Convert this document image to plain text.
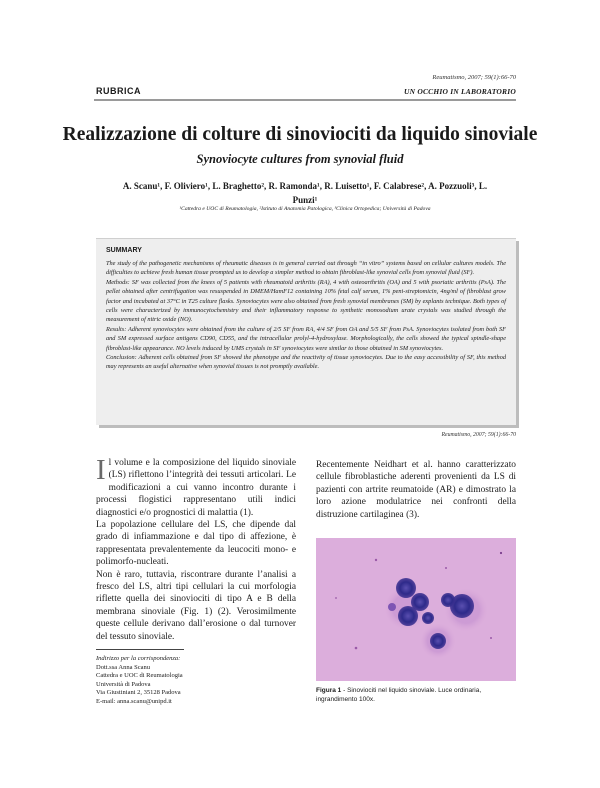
Reumatismo, 2007; 59(1):66-70
RUBRICA	UN OCCHIO IN LABORATORIO
Realizzazione di colture di sinoviociti da liquido sinoviale
Synoviocyte cultures from synovial fluid
A. Scanu¹, F. Oliviero¹, L. Braghetto², R. Ramonda¹, R. Luisetto¹, F. Calabrese², A. Pozzuoli³, L. Punzi¹
¹Cattedra e UOC di Reumatologia, ²Istituto di Anatomia Patologica, ³Clinica Ortopedica; Università di Padova
SUMMARY

The study of the pathogenetic mechanisms of rheumatic diseases is in general carried out through “in vitro” systems based on cellular cultures models. The difficulties to achieve fresh human tissue prompted us to develop a simpler method to obtain fibroblast-like synovial cells from synovial fluid (SF).

Methods: SF was collected from the knees of 5 patients with rheumatoid arthritis (RA), 4 with osteoarthritis (OA) and 5 with psoriatic arthritis (PsA). The pellet obtained after centrifugation was resuspended in DMEM/HamF12 containing 10% fetal calf serum, 1% peni-streptomicin, 4ng/ml of fibroblast grow factor and incubated at 37°C in T25 culture flasks. Synoviocytes were also obtained from fresh synovial membranes (SM) by explants technique. Both types of cells were characterized by immunocytochemistry and their inflammatory response to synthetic monosodium urate crystals was studied through the measurement of nitric oxide (NO).

Results: Adherent synoviocytes were obtained from the culture of 2/5 SF from RA, 4/4 SF from OA and 5/5 SF from PsA. Synoviocytes isolated from both SF and SM expressed surface antigens CD90, CD55, and the intracellular prolyl-4-hydroxylase. Morphologically, the cells showed the typical spindle-shape fibroblast-like appearance. NO levels induced by UMS crystals in SF synoviocytes were similar to those obtained in SM synoviocytes.

Conclusion: Adherent cells obtained from SF showed the phenotype and the reactivity of tissue synoviocytes. Due to the easy accessibility of SF, this method may represents an useful alternative when synovial tissues is not promptly available.

Reumatismo, 2007; 59(1):66-70

Il volume e la composizione del liquido sinoviale (LS) riflettono l’integrità dei tessuti articolari. Le modificazioni a cui vanno incontro durante i processi flogistici rappresentano utili indici diagnostici e/o prognostici di malattia (1).

La popolazione cellulare del LS, che dipende dal grado di infiammazione e dal tipo di affezione, è rappresentata prevalentemente da leucociti mono- e polimorfo-nucleati.

Non è raro, tuttavia, riscontrare durante l’analisi a fresco del LS, altri tipi cellulari la cui morfologia riflette quella dei sinoviociti di tipo A e B della membrana sinoviale (Fig. 1) (2). Verosimilmente queste cellule derivano dall’erosione o dal turnover del tessuto sinoviale.

Recentemente Neidhart et al. hanno caratterizzato cellule fibroblastiche aderenti provenienti da LS di pazienti con artrite reumatoide (AR) e dimostrato la loro azione modulatrice nei confronti della distruzione cartilaginea (3).

Indirizzo per la corrispondenza:
Dott.ssa Anna Scanu
Cattedra e UOC di Reumatologia
Università di Padova
Via Giustiniani 2, 35128 Padova
E-mail: anna.scanu@unipd.it
Figura 1 - Sinoviociti nel liquido sinoviale. Luce ordinaria, ingrandimento 100x.
